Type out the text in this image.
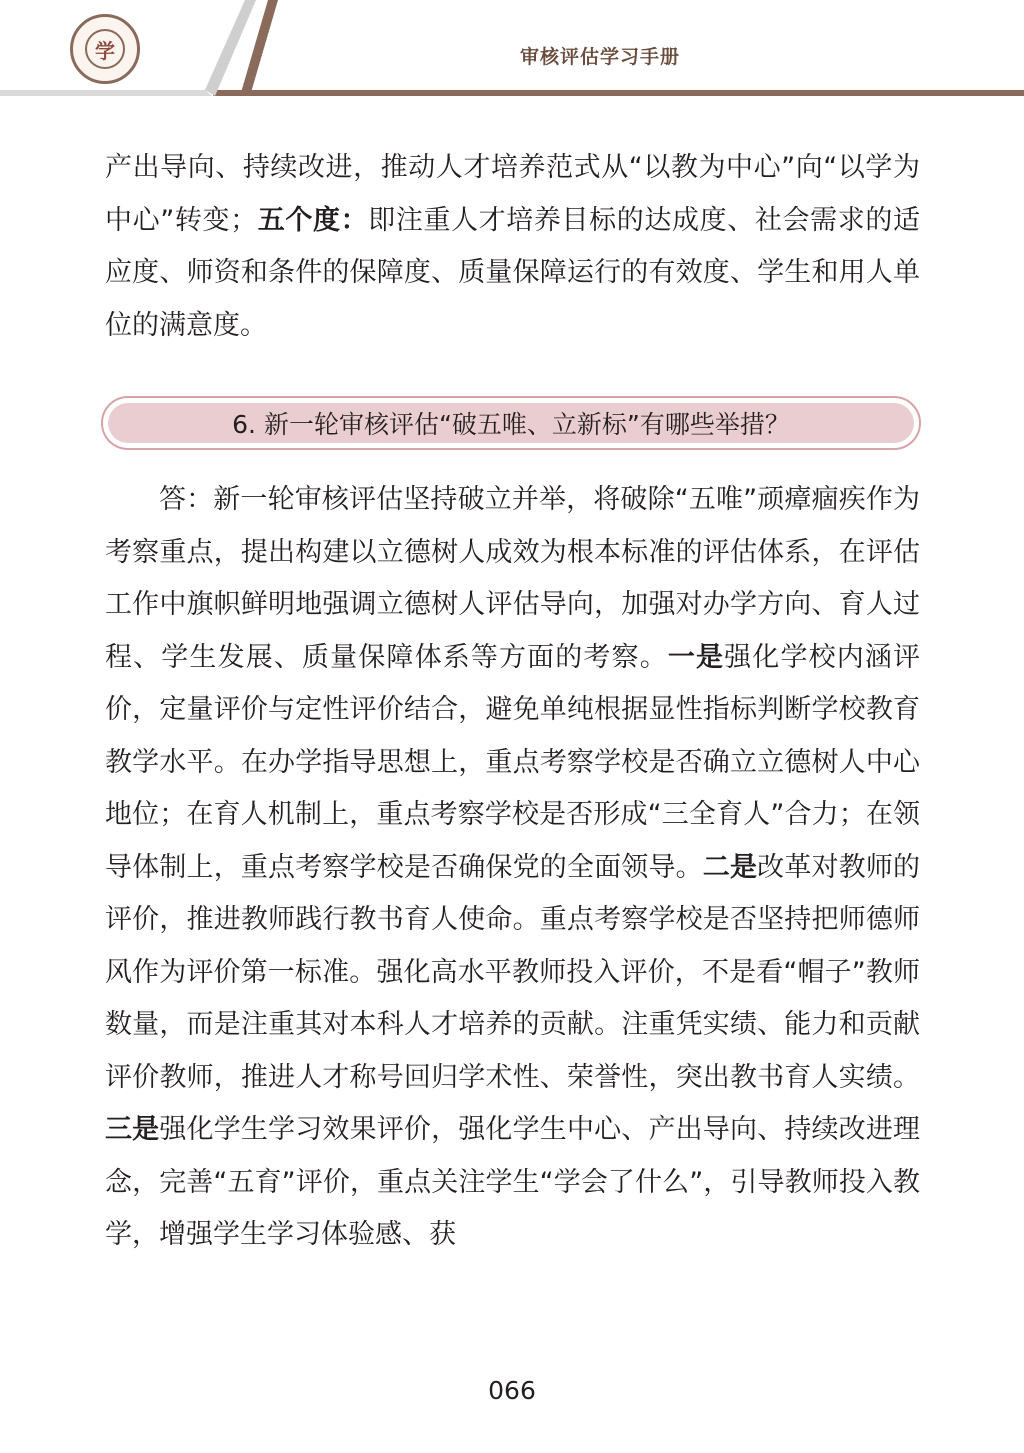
学	审核评估学习手册
产出导向、持续改进，推动人才培养范式从“以教为中心”向“以学为中心”转变；五个度：即注重人才培养目标的达成度、社会需求的适应度、师资和条件的保障度、质量保障运行的有效度、学生和用人单位的满意度。
6. 新一轮审核评估“破五唯、立新标”有哪些举措？
答：新一轮审核评估坚持破立并举，将破除“五唯”顽瘴痼疾作为考察重点，提出构建以立德树人成效为根本标准的评估体系，在评估工作中旗帜鲜明地强调立德树人评估导向，加强对办学方向、育人过程、学生发展、质量保障体系等方面的考察。一是强化学校内涵评价，定量评价与定性评价结合，避免单纯根据显性指标判断学校教育教学水平。在办学指导思想上，重点考察学校是否确立立德树人中心地位；在育人机制上，重点考察学校是否形成“三全育人”合力；在领导体制上，重点考察学校是否确保党的全面领导。二是改革对教师的评价，推进教师践行教书育人使命。重点考察学校是否坚持把师德师风作为评价第一标准。强化高水平教师投入评价，不是看“帽子”教师数量，而是注重其对本科人才培养的贡献。注重凭实绩、能力和贡献评价教师，推进人才称号回归学术性、荣誉性，突出教书育人实绩。三是强化学生学习效果评价，强化学生中心、产出导向、持续改进理念，完善“五育”评价，重点关注学生“学会了什么”，引导教师投入教学，增强学生学习体验感、获
066
